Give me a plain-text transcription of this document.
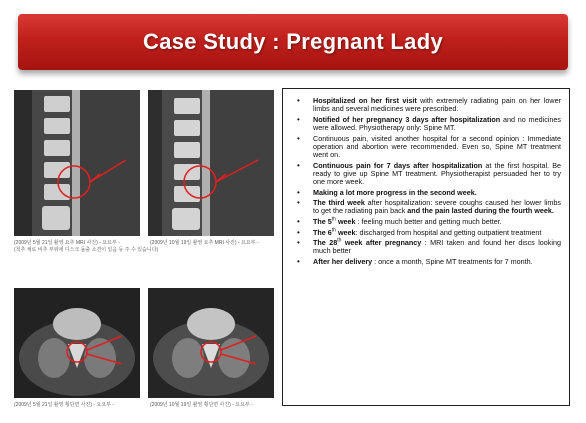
Case Study : Pregnant Lady
(2009년 5월 21일 촬영 요추 MRI 사진) - 요요부 -
(척추 체로 비추 부위에 디스크 돌출 소견이 있음 등 주 수 있습니다)
(2009년 10월 19일 촬영 요추 MRI 사진) - 요요부 -
(2009년 5월 21일 촬영 횡단면 사진) - 요요부 -	(2009년 10월 19일 촬영 횡단면 사진) - 요요부 -
• Hospitalized on her first visit with extremely radiating pain on her lower limbs and several medicines were prescribed.
• Notified of her pregnancy 3 days after hospitalization and no medicines were allowed. Physiotherapy only: Spine MT.
• Continuous pain, visited another hospital for a second opinion : Immediate operation and abortion were recommended. Even so, Spine MT treatment went on.
• Continuous pain for 7 days after hospitalization at the first hospital. Be ready to give up Spine MT treatment. Physiotherapist persuaded her to try one more week.
• Making a lot more progress in the second week.
• The third week after hospitalization: severe coughs caused her lower limbs to get the radiating pain back and the pain lasted during the fourth week.
• The 5th week : feeling much better and getting much better.
• The 6th week: discharged from hospital and getting outpatient treatment
• The 28th week after pregnancy : MRI taken and found her discs looking much better
• After her delivery : once a month, Spine MT treatments for 7 month.
